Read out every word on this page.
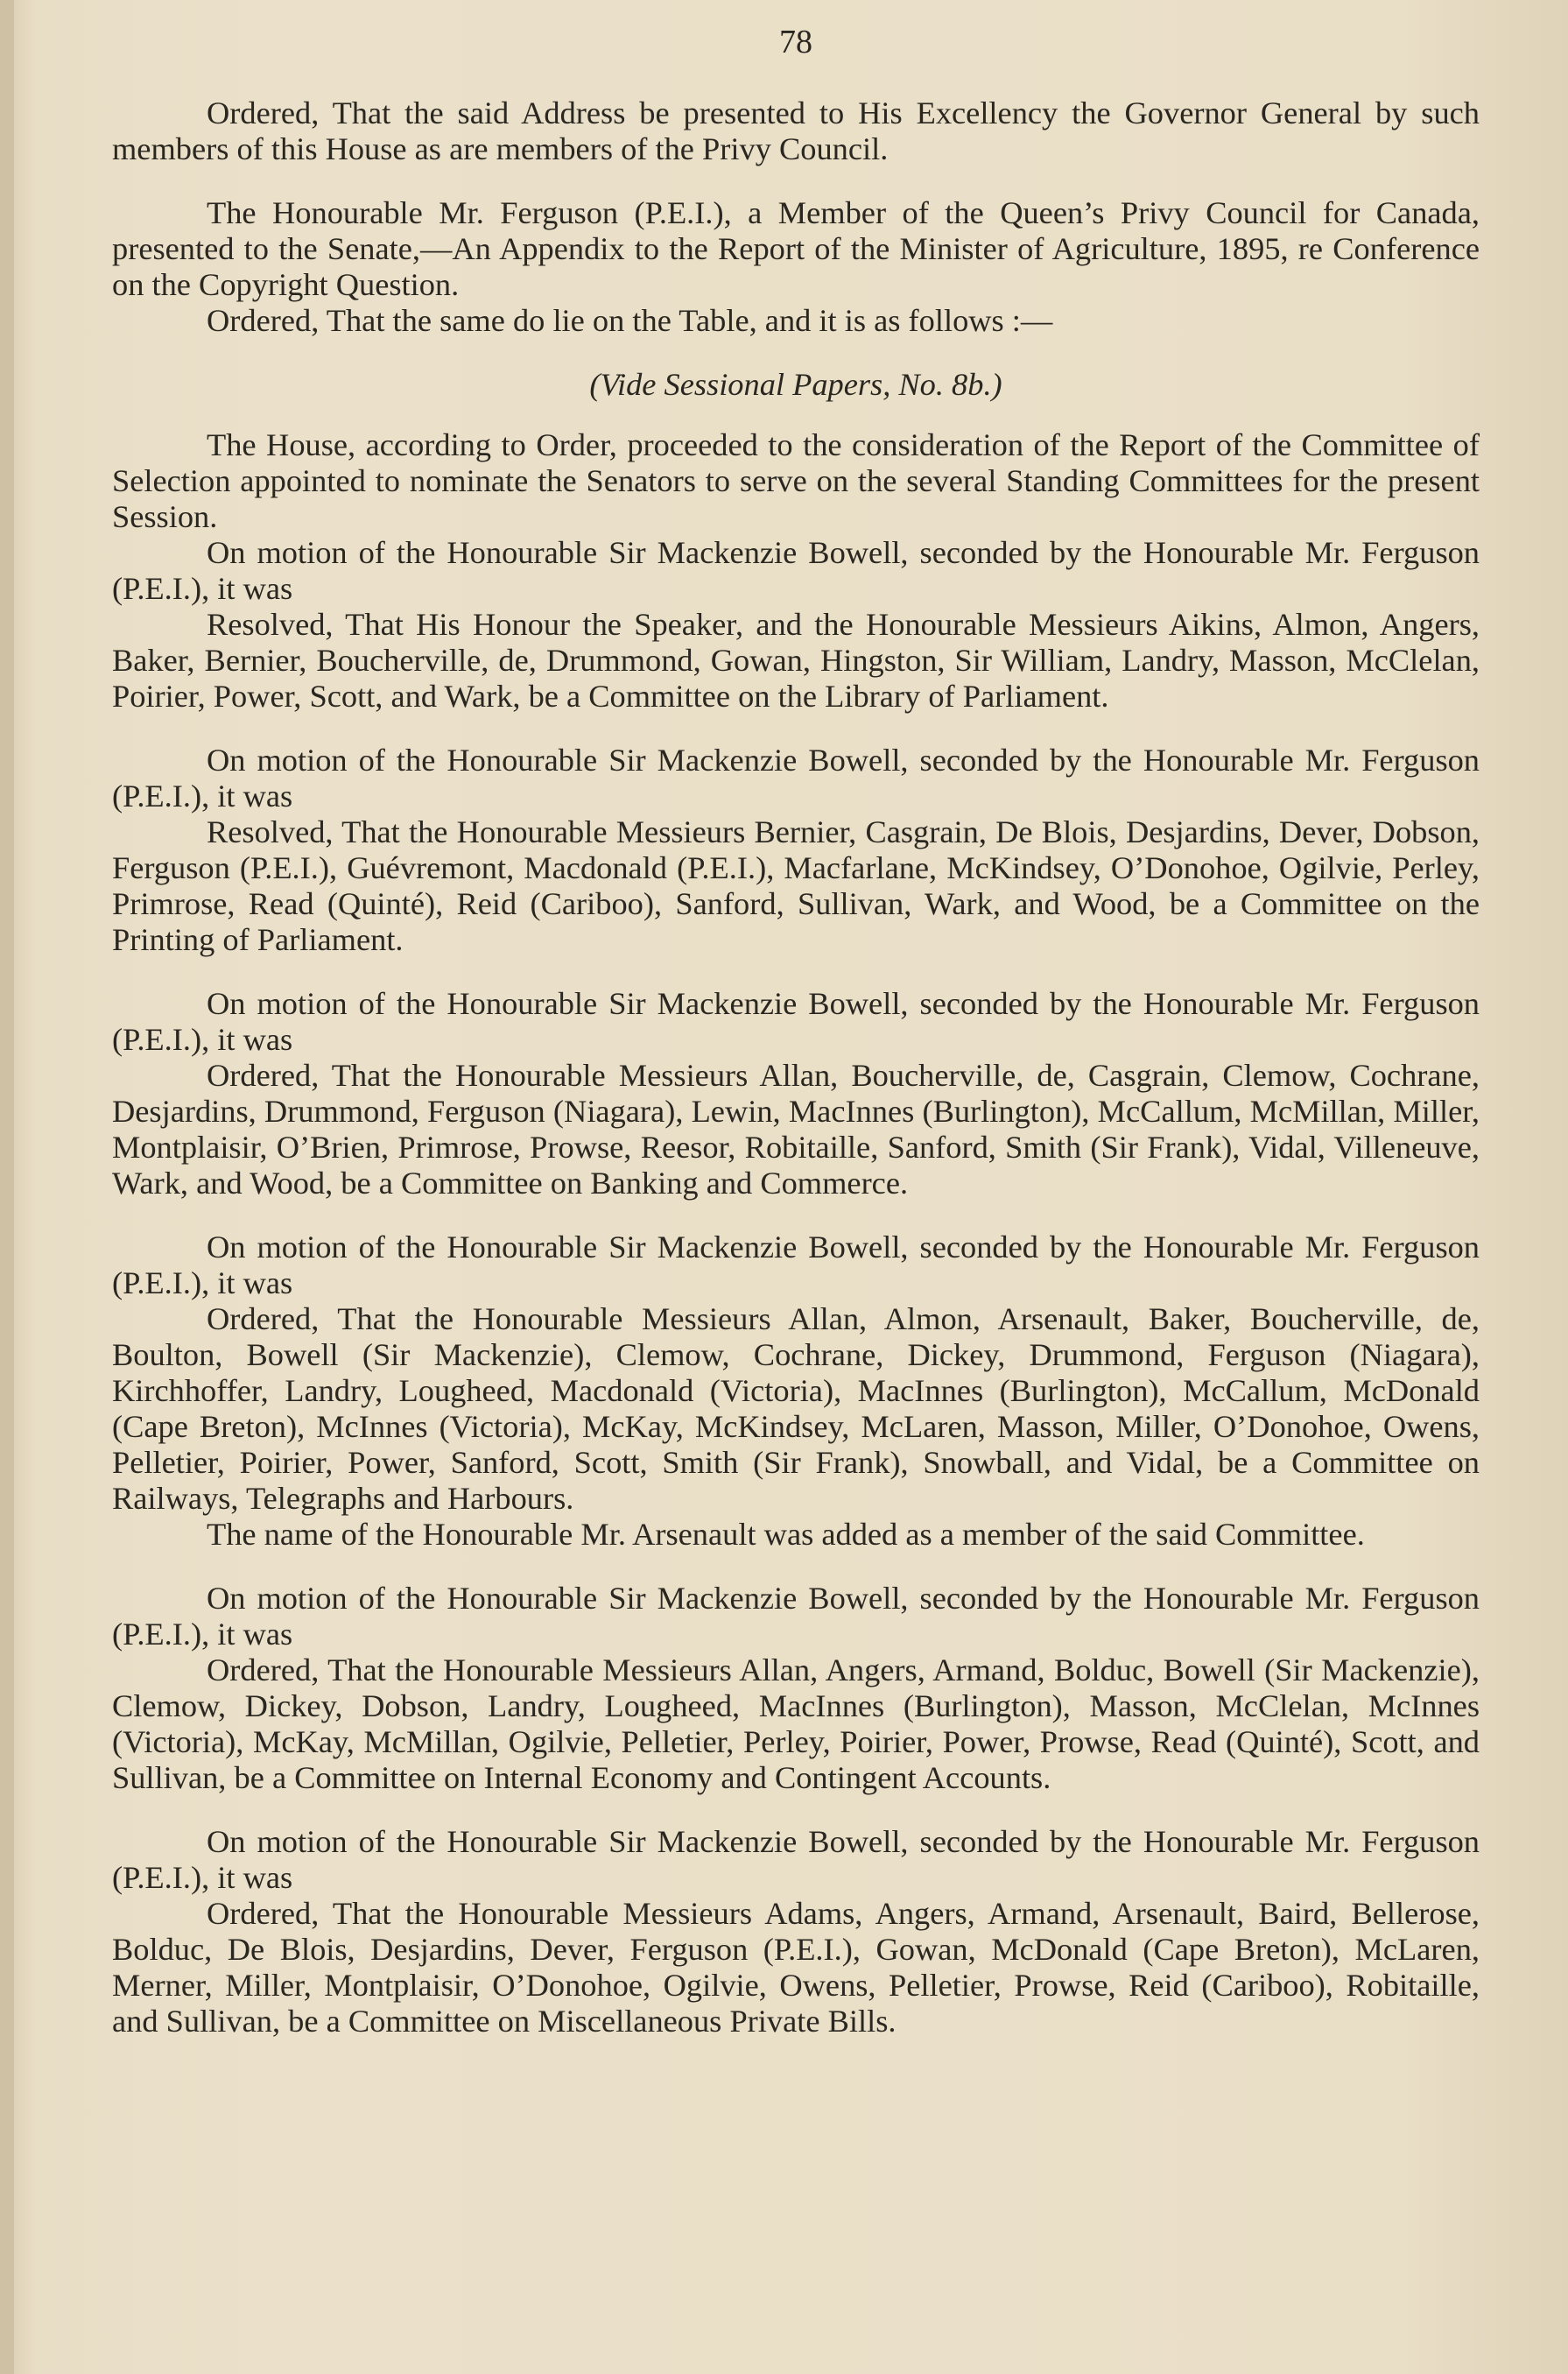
78

Ordered, That the said Address be presented to His Excellency the Governor General by such members of this House as are members of the Privy Council.

The Honourable Mr. Ferguson (P.E.I.), a Member of the Queen’s Privy Council for Canada, presented to the Senate,—An Appendix to the Report of the Minister of Agriculture, 1895, re Conference on the Copyright Question.

Ordered, That the same do lie on the Table, and it is as follows :—

(Vide Sessional Papers, No. 8b.)

The House, according to Order, proceeded to the consideration of the Report of the Committee of Selection appointed to nominate the Senators to serve on the several Standing Committees for the present Session.

On motion of the Honourable Sir Mackenzie Bowell, seconded by the Honourable Mr. Ferguson (P.E.I.), it was

Resolved, That His Honour the Speaker, and the Honourable Messieurs Aikins, Almon, Angers, Baker, Bernier, Boucherville, de, Drummond, Gowan, Hingston, Sir William, Landry, Masson, McClelan, Poirier, Power, Scott, and Wark, be a Committee on the Library of Parliament.

On motion of the Honourable Sir Mackenzie Bowell, seconded by the Honourable Mr. Ferguson (P.E.I.), it was

Resolved, That the Honourable Messieurs Bernier, Casgrain, De Blois, Desjardins, Dever, Dobson, Ferguson (P.E.I.), Guévremont, Macdonald (P.E.I.), Macfarlane, McKindsey, O’Donohoe, Ogilvie, Perley, Primrose, Read (Quinté), Reid (Cariboo), Sanford, Sullivan, Wark, and Wood, be a Committee on the Printing of Parliament.

On motion of the Honourable Sir Mackenzie Bowell, seconded by the Honourable Mr. Ferguson (P.E.I.), it was

Ordered, That the Honourable Messieurs Allan, Boucherville, de, Casgrain, Clemow, Cochrane, Desjardins, Drummond, Ferguson (Niagara), Lewin, MacInnes (Burlington), McCallum, McMillan, Miller, Montplaisir, O’Brien, Primrose, Prowse, Reesor, Robitaille, Sanford, Smith (Sir Frank), Vidal, Villeneuve, Wark, and Wood, be a Committee on Banking and Commerce.

On motion of the Honourable Sir Mackenzie Bowell, seconded by the Honourable Mr. Ferguson (P.E.I.), it was

Ordered, That the Honourable Messieurs Allan, Almon, Arsenault, Baker, Boucherville, de, Boulton, Bowell (Sir Mackenzie), Clemow, Cochrane, Dickey, Drummond, Ferguson (Niagara), Kirchhoffer, Landry, Lougheed, Macdonald (Victoria), MacInnes (Burlington), McCallum, McDonald (Cape Breton), McInnes (Victoria), McKay, McKindsey, McLaren, Masson, Miller, O’Donohoe, Owens, Pelletier, Poirier, Power, Sanford, Scott, Smith (Sir Frank), Snowball, and Vidal, be a Committee on Railways, Telegraphs and Harbours.

The name of the Honourable Mr. Arsenault was added as a member of the said Committee.

On motion of the Honourable Sir Mackenzie Bowell, seconded by the Honourable Mr. Ferguson (P.E.I.), it was

Ordered, That the Honourable Messieurs Allan, Angers, Armand, Bolduc, Bowell (Sir Mackenzie), Clemow, Dickey, Dobson, Landry, Lougheed, MacInnes (Burlington), Masson, McClelan, McInnes (Victoria), McKay, McMillan, Ogilvie, Pelletier, Perley, Poirier, Power, Prowse, Read (Quinté), Scott, and Sullivan, be a Committee on Internal Economy and Contingent Accounts.

On motion of the Honourable Sir Mackenzie Bowell, seconded by the Honourable Mr. Ferguson (P.E.I.), it was

Ordered, That the Honourable Messieurs Adams, Angers, Armand, Arsenault, Baird, Bellerose, Bolduc, De Blois, Desjardins, Dever, Ferguson (P.E.I.), Gowan, McDonald (Cape Breton), McLaren, Merner, Miller, Montplaisir, O’Donohoe, Ogilvie, Owens, Pelletier, Prowse, Reid (Cariboo), Robitaille, and Sullivan, be a Committee on Miscellaneous Private Bills.
